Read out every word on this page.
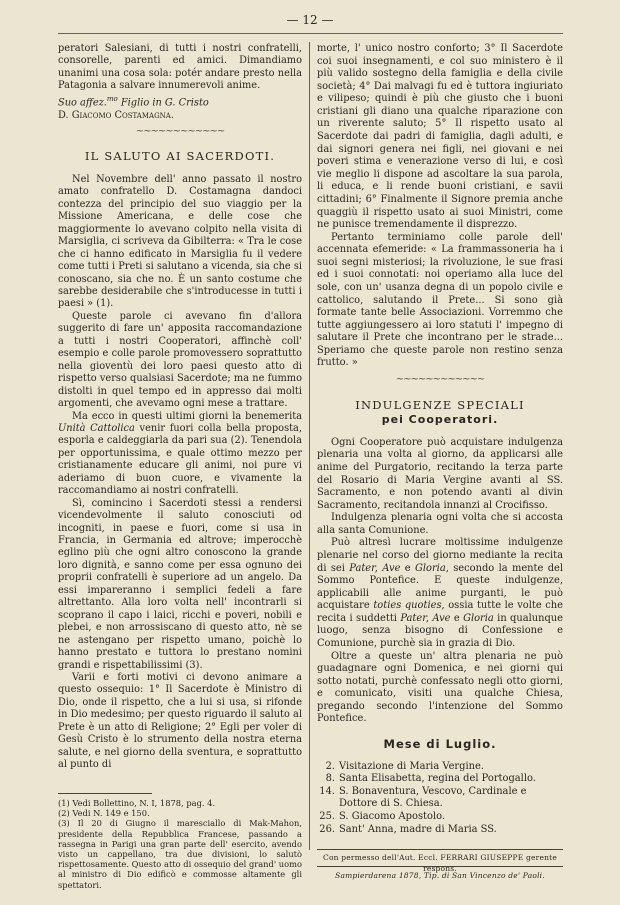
— 12 —

peratori Salesiani, di tutti i nostri confratelli, consorelle, parenti ed amici. Dimandiamo unanimi una cosa sola: potér andare presto nella Patagonia a salvare innumerevoli anime.

Suo affez.$^{mo}$ Figlio in G. Cristo

D. Giacomo Costamagna.

~~~~~~~~~~~~
IL SALUTO AI SACERDOTI.

Nel Novembre dell' anno passato il nostro amato confratello D. Costamagna dandoci contezza del principio del suo viaggio per la Missione Americana, e delle cose che maggiormente lo avevano colpito nella visita di Marsiglia, ci scriveva da Gibilterra: « Tra le cose che ci hanno edificato in Marsiglia fu il vedere come tutti i Preti si salutano a vicenda, sia che si conoscano, sia che no. È un santo costume che sarebbe desiderabile che s'introducesse in tutti i paesi » (1).

Queste parole ci avevano fin d'allora suggerito di fare un' apposita raccomandazione a tutti i nostri Cooperatori, affinchè coll' esempio e colle parole promovessero soprattutto nella gioventù dei loro paesi questo atto di rispetto verso qualsiasi Sacerdote; ma ne fummo distolti in quel tempo ed in appresso dai molti argomenti, che avevamo ogni mese a trattare.

Ma ecco in questi ultimi giorni la benemerita Unità Cattolica venir fuori colla bella proposta, esporla e caldeggiarla da pari sua (2). Tenendola per opportunissima, e quale ottimo mezzo per cristianamente educare gli animi, noi pure vi aderiamo di buon cuore, e vivamente la raccomandiamo ai nostri confratelli.

Sì, comincino i Sacerdoti stessi a rendersi vicendevolmente il saluto conosciuti od incogniti, in paese e fuori, come si usa in Francia, in Germania ed altrove; imperocchè eglino più che ogni altro conoscono la grande loro dignità, e sanno come per essa ognuno dei proprii confratelli è superiore ad un angelo. Da essi impareranno i semplici fedeli a fare altrettanto. Alla loro volta nell' incontrarli si scoprano il capo i laici, ricchi e poveri, nobili e plebei, e non arrossiscano di questo atto, nè se ne astengano per rispetto umano, poichè lo hanno prestato e tuttora lo prestano nomini grandi e rispettabilissimi (3).

Varii e forti motivi ci devono animare a questo ossequio: 1° Il Sacerdote è Ministro di Dio, onde il rispetto, che a lui si usa, si rifonde in Dio medesimo; per questo riguardo il saluto al Prete è un atto di Religione; 2° Egli per voler di Gesù Cristo è lo strumento della nostra eterna salute, e nel giorno della sventura, e soprattutto al punto di

(1) Vedi Bollettino, N. I, 1878, pag. 4.

(2) Vedi N. 149 e 150.

(3) Il 20 di Giugno il maresciallo di Mak-Mahon, presidente della Repubblica Francese, passando a rassegna in Parigi una gran parte dell' esercito, avendo visto un cappellano, tra due divisioni, lo salutò rispettosamente. Questo atto di ossequio del grand' uomo al ministro di Dio edificò e commosse altamente gli spettatori.

morte, l' unico nostro conforto; 3° Il Sacerdote coi suoi insegnamenti, e col suo ministero è il più valido sostegno della famiglia e della civile società; 4° Dai malvagi fu ed è tuttora ingiuriato e vilipeso; quindi è più che giusto che i buoni cristiani gli diano una qualche riparazione con un riverente saluto; 5° Il rispetto usato al Sacerdote dai padri di famiglia, dagli adulti, e dai signori genera nei figli, nei giovani e nei poveri stima e venerazione verso di lui, e così vie meglio li dispone ad ascoltare la sua parola, li educa, e li rende buoni cristiani, e savii cittadini; 6° Finalmente il Signore premia anche quaggiù il rispetto usato ai suoi Ministri, come ne punisce tremendamente il disprezzo.

Pertanto terminiamo colle parole dell' accennata efemeride: « La frammassoneria ha i suoi segni misteriosi; la rivoluzione, le sue frasi ed i suoi connotati: noi operiamo alla luce del sole, con un' usanza degna di un popolo civile e cattolico, salutando il Prete... Si sono già formate tante belle Associazioni. Vorremmo che tutte aggiungessero ai loro statuti l' impegno di salutare il Prete che incontrano per le strade... Speriamo che queste parole non restino senza frutto. »

~~~~~~~~~~~~
INDULGENZE SPECIALI
pei Cooperatori.

Ogni Cooperatore può acquistare indulgenza plenaria una volta al giorno, da applicarsi alle anime del Purgatorio, recitando la terza parte del Rosario di Maria Vergine avanti al SS. Sacramento, e non potendo avanti al divin Sacramento, recitandola innanzi al Crocifisso.

Indulgenza plenaria ogni volta che si accosta alla santa Comunione.

Può altresì lucrare moltissime indulgenze plenarie nel corso del giorno mediante la recita di sei Pater, Ave e Gloria, secondo la mente del Sommo Pontefice. E queste indulgenze, applicabili alle anime purganti, le può acquistare toties quoties, ossia tutte le volte che recita i suddetti Pater, Ave e Gloria in qualunque luogo, senza bisogno di Confessione e Comunione, purchè sia in grazia di Dio.

Oltre a queste un' altra plenaria ne può guadagnare ogni Domenica, e nei giorni qui sotto notati, purchè confessato negli otto giorni, e comunicato, visiti una qualche Chiesa, pregando secondo l'intenzione del Sommo Pontefice.

Mese di Luglio.
2. Visitazione di Maria Vergine.
8. Santa Elisabetta, regina del Portogallo.
14. S. Bonaventura, Vescovo, Cardinale e Dottore di S. Chiesa.
25. S. Giacomo Apostolo.
26. Sant' Anna, madre di Maria SS.
Con permesso dell'Aut. Eccl. FERRARI GIUSEPPE gerente respons.
Sampierdarena 1878, Tip. di San Vincenzo de' Paoli.
